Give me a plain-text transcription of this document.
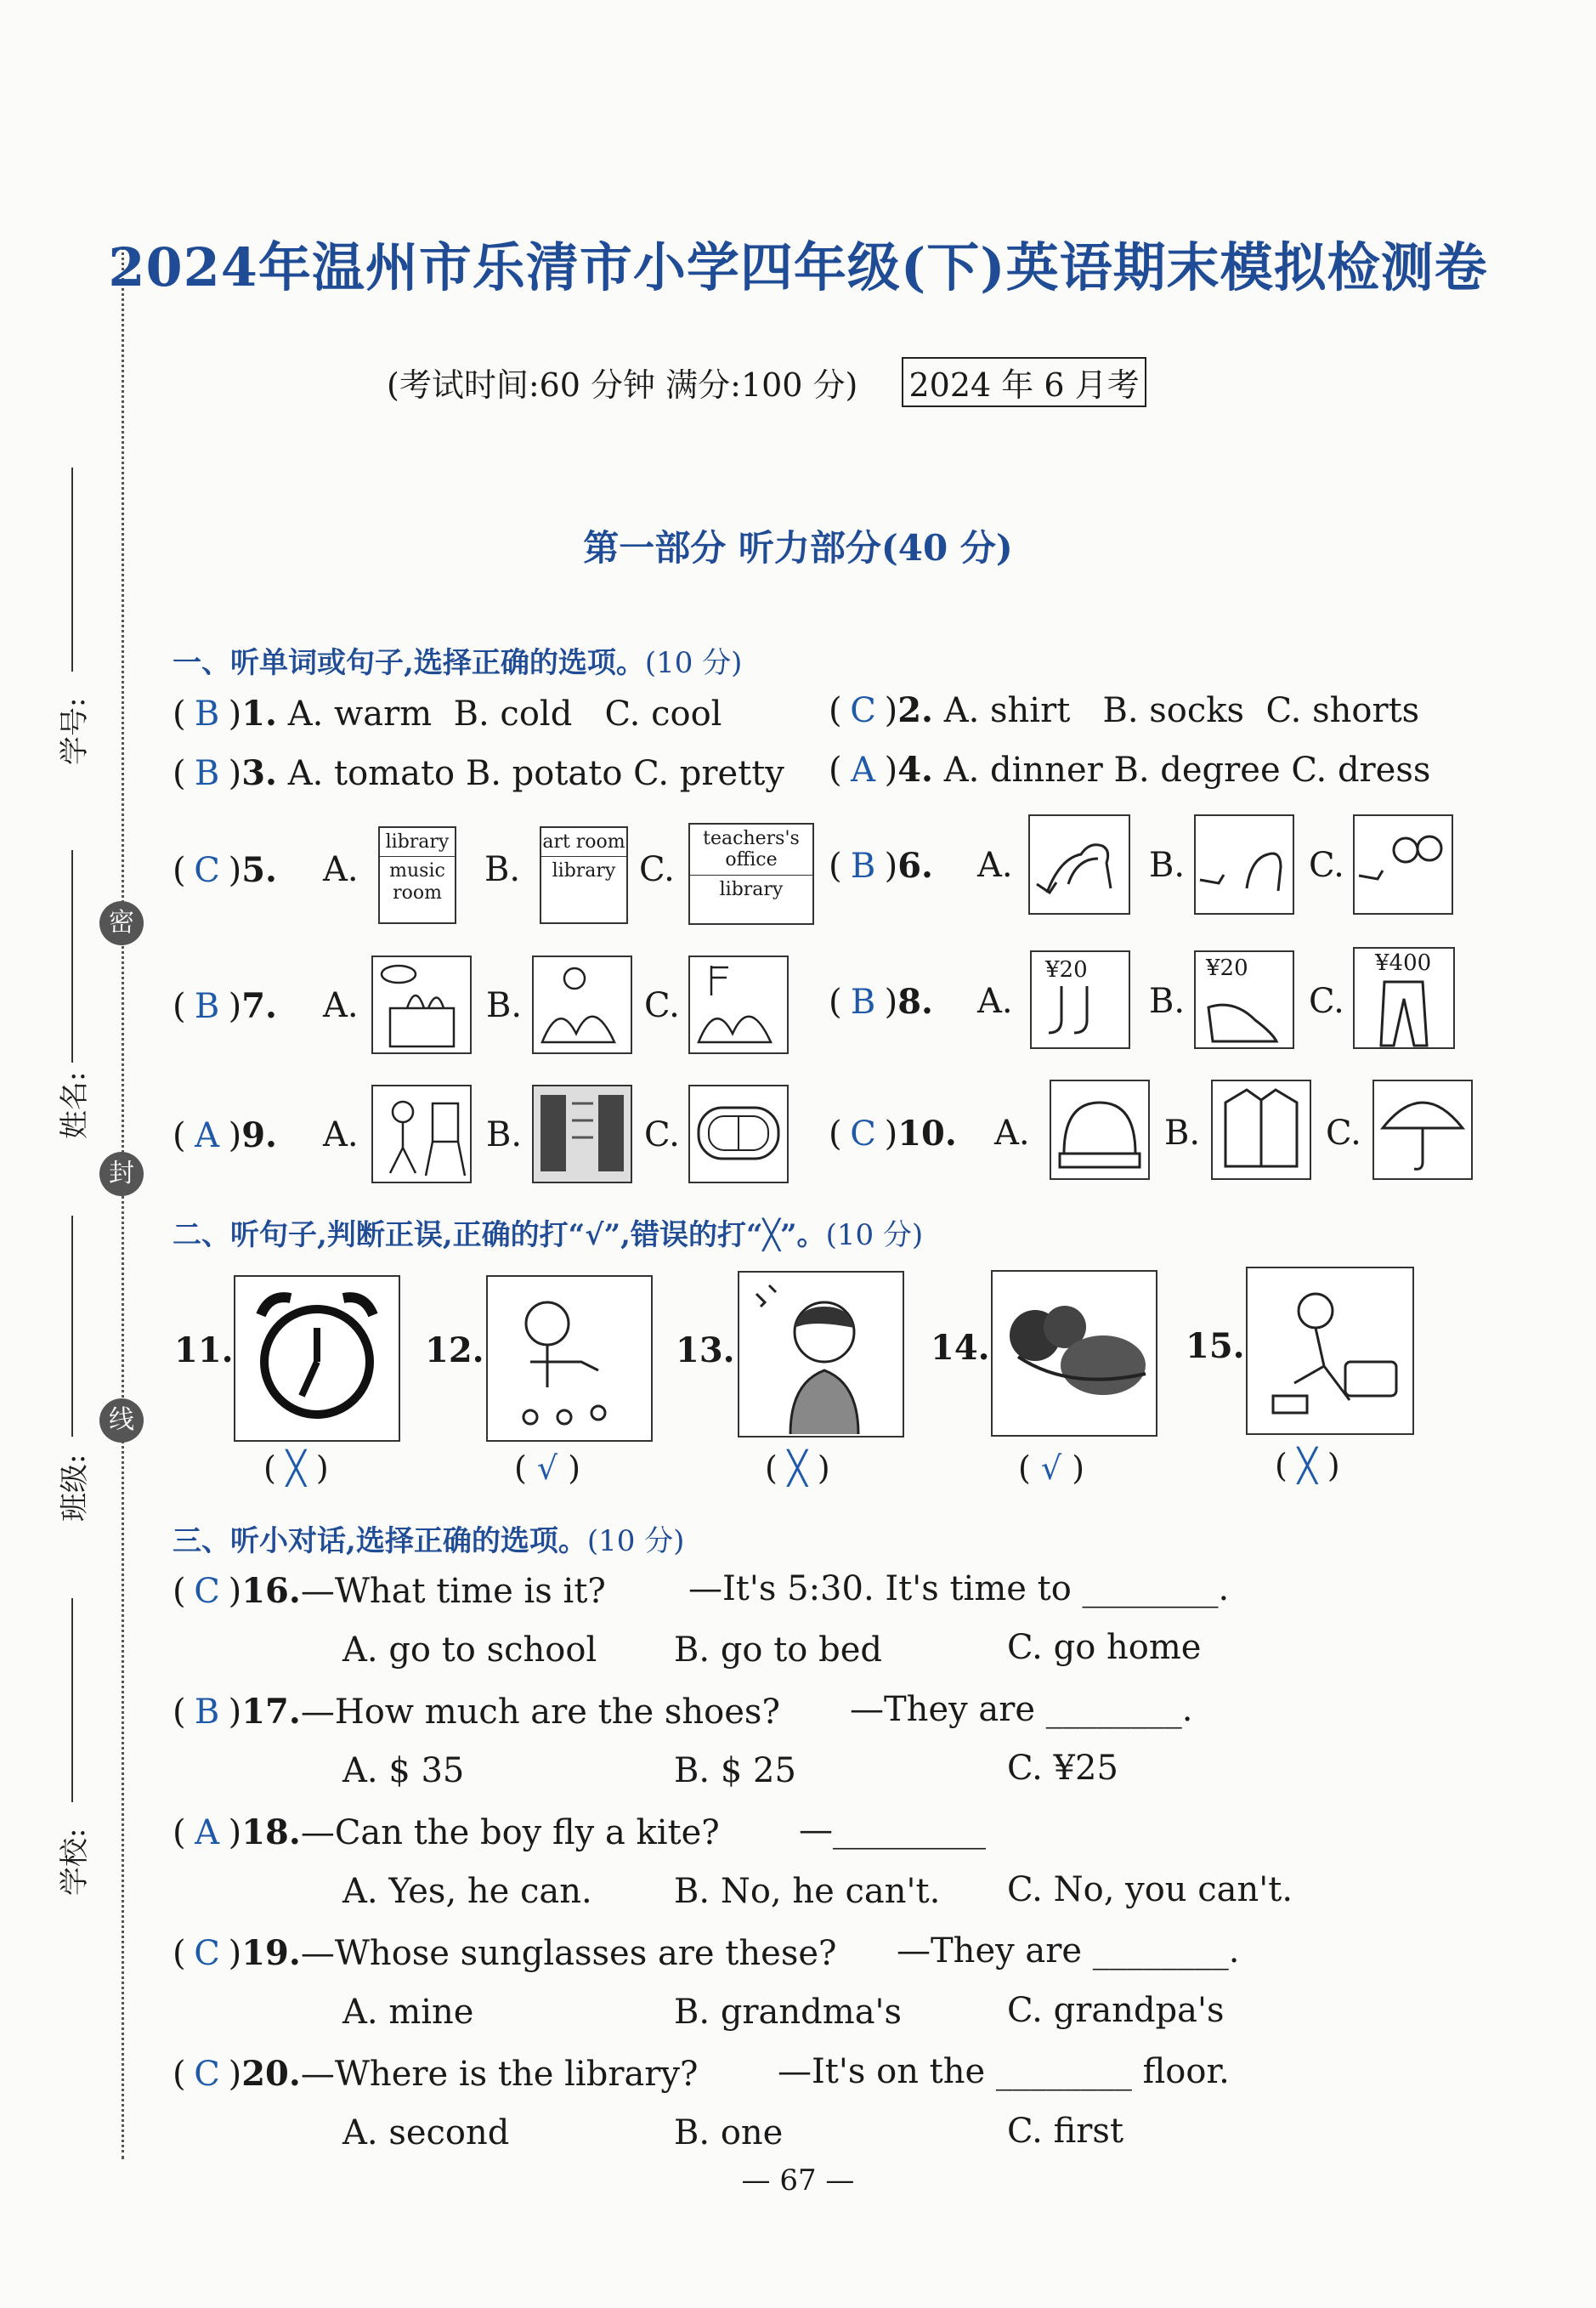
学号:
密
姓名:
封
线
班级:
学校:
2024年温州市乐清市小学四年级(下)英语期末模拟检测卷
(考试时间:60 分钟 满分:100 分) 2024 年 6 月考
第一部分 听力部分(40 分)
一、听单词或句子,选择正确的选项。(10 分)
( B )1. A. warm B. cold C. cool	( C )2. A. shirt B. socks C. shorts
( B )3. A. tomato B. potato C. pretty ( A )4. A. dinner B. degree C. dress
( C )5. A.
library
music room
B.
art room
library C.
teachers's office
library
( B )6. A.	B.	C.
( B )7. A.	B.	C.	( B )8. A.
¥20
B.
¥20
C.
¥400
( A )9. A.	B.	C.	( C )10. A.	B.	C.
二、听句子,判断正误,正确的打“√”,错误的打“╳”。(10 分)
11.
( ╳ )
12.
( √ )
13.
( ╳ )
14.
( √ )
15.
( ╳ )
三、听小对话,选择正确的选项。(10 分)
( C )16.—What time is it? —It's 5:30. It's time to ________.
A. go to school B. go to bed	C. go home
( B )17.—How much are the shoes? —They are ________.
A. $ 35	B. $ 25	C. ¥25
( A )18.—Can the boy fly a kite? —_________
A. Yes, he can. B. No, he can't. C. No, you can't.
( C )19.—Whose sunglasses are these? —They are ________.
A. mine	B. grandma's	C. grandpa's
( C )20.—Where is the library? —It's on the ________ floor.
A. second	B. one	C. first
— 67 —
